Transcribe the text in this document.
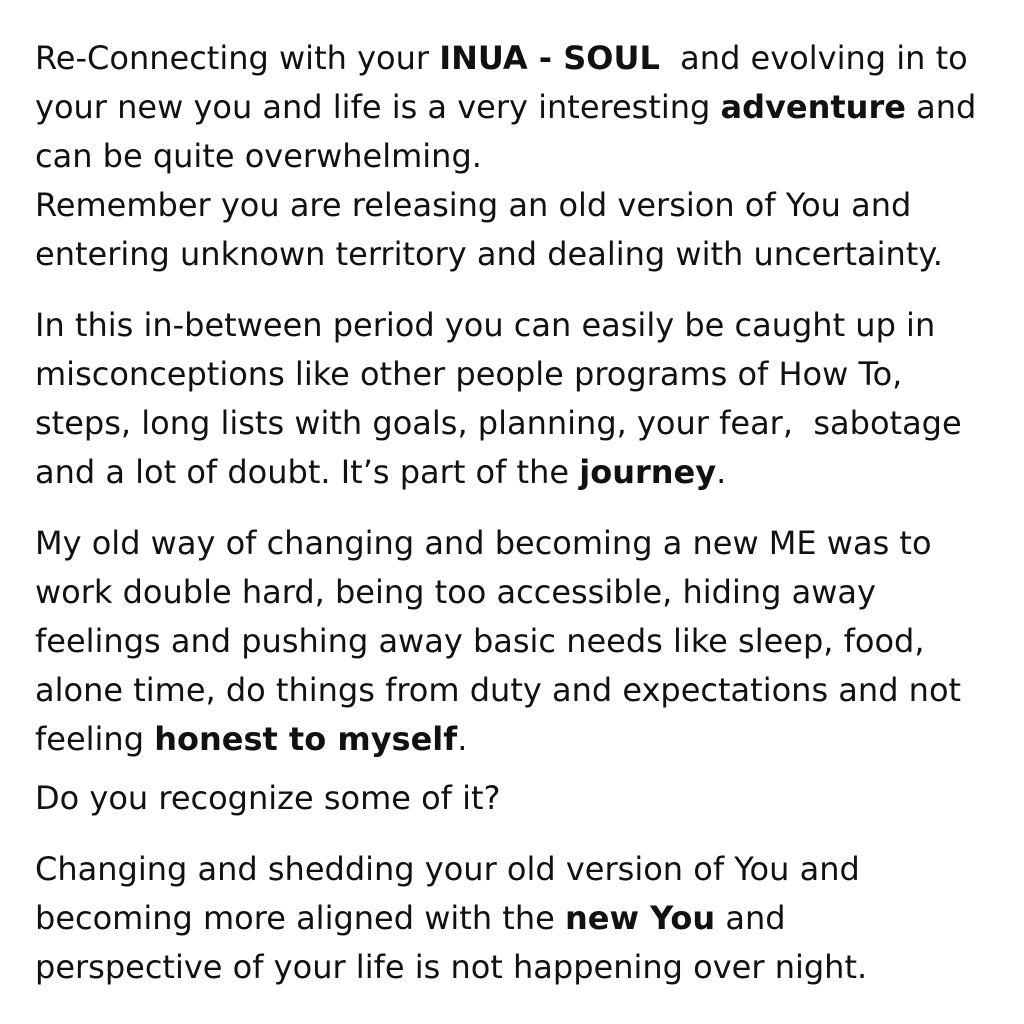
Re-Connecting with your INUA - SOUL  and evolving in to
your new you and life is a very interesting adventure and
can be quite overwhelming.
Remember you are releasing an old version of You and
entering unknown territory and dealing with uncertainty.
In this in-between period you can easily be caught up in
misconceptions like other people programs of How To,
steps, long lists with goals, planning, your fear,  sabotage
and a lot of doubt. It’s part of the journey.
My old way of changing and becoming a new ME was to
work double hard, being too accessible, hiding away
feelings and pushing away basic needs like sleep, food,
alone time, do things from duty and expectations and not
feeling honest to myself.
Do you recognize some of it?
Changing and shedding your old version of You and
becoming more aligned with the new You and
perspective of your life is not happening over night.
